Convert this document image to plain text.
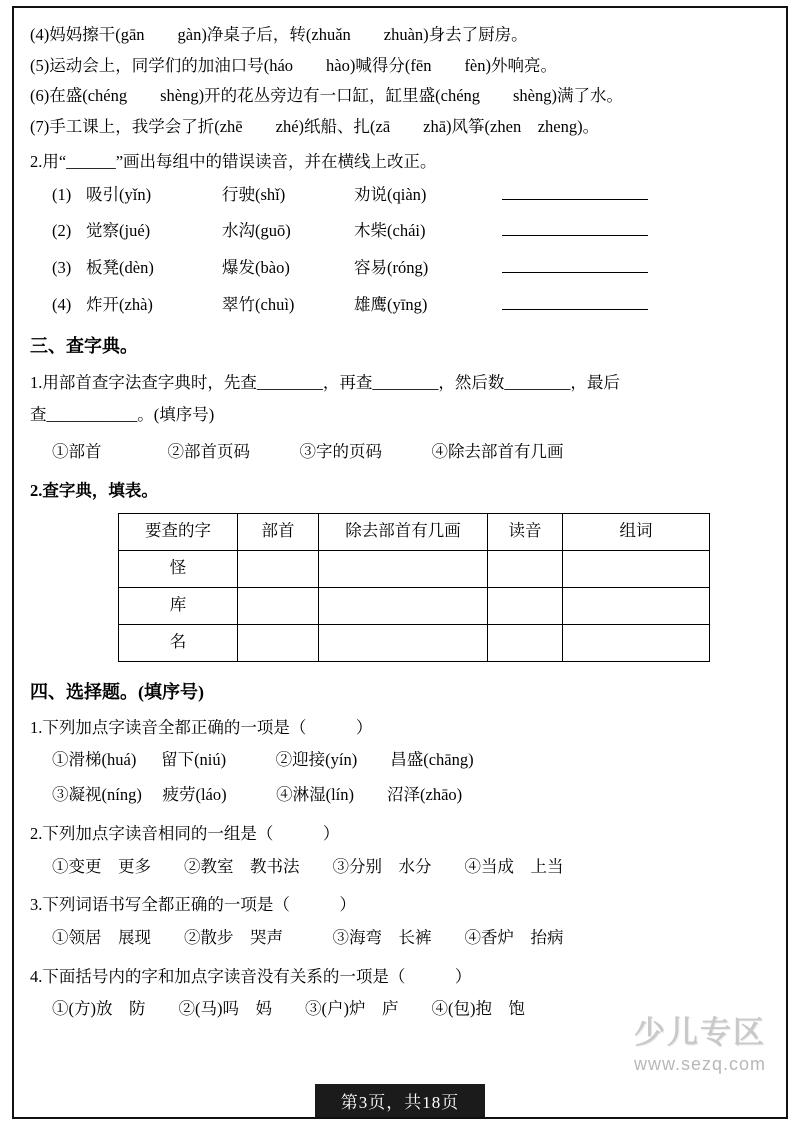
(4)妈妈擦干(gān　　gàn)净桌子后，转(zhuǎn　　zhuàn)身去了厨房。
(5)运动会上，同学们的加油口号(háo　　hào)喊得分(fēn　　fèn)外响亮。
(6)在盛(chéng　　shèng)开的花丛旁边有一口缸，缸里盛(chéng　　shèng)满了水。
(7)手工课上，我学会了折(zhē　　zhé)纸船、扎(zā　　zhā)风筝(zhen　zheng)。
2.用“______”画出每组中的错误读音，并在横线上改正。
(1) 吸引(yǐn)	行驶(shǐ)	劝说(qiàn)
(2) 觉察(jué)	水沟(guō)	木柴(chái)
(3) 板凳(dèn)	爆发(bào)	容易(róng)
(4) 炸开(zhà)	翠竹(chuì)	雄鹰(yīng)
三、查字典。
1.用部首查字法查字典时，先查________，再查________，然后数________，最后
查___________。(填序号)
①部首　　　　②部首页码　　　③字的页码　　　④除去部首有几画
2.查字典，填表。
要查的字	部首	除去部首有几画	读音	组词
怪				
库				
名				
四、选择题。(填序号)
1.下列加点字读音全都正确的一项是（　　　）
①滑梯(huá)　  留下(niú)　　　②迎接(yín)　　昌盛(chāng)
③凝视(níng)　 疲劳(láo)　　　④淋湿(lín)　　沼泽(zhāo)
2.下列加点字读音相同的一组是（　　　）
①变更　更多　　②教室　教书法　　③分别　水分　　④当成　上当
3.下列词语书写全都正确的一项是（　　　）
①领居　展现　　②散步　哭声　　　③海弯　长裤　　④香炉　抬病
4.下面括号内的字和加点字读音没有关系的一项是（　　　）
①(方)放　防　　②(马)吗　妈　　③(户)炉　庐　　④(包)抱　饱
少儿专区
www.sezq.com
第3页，共18页
